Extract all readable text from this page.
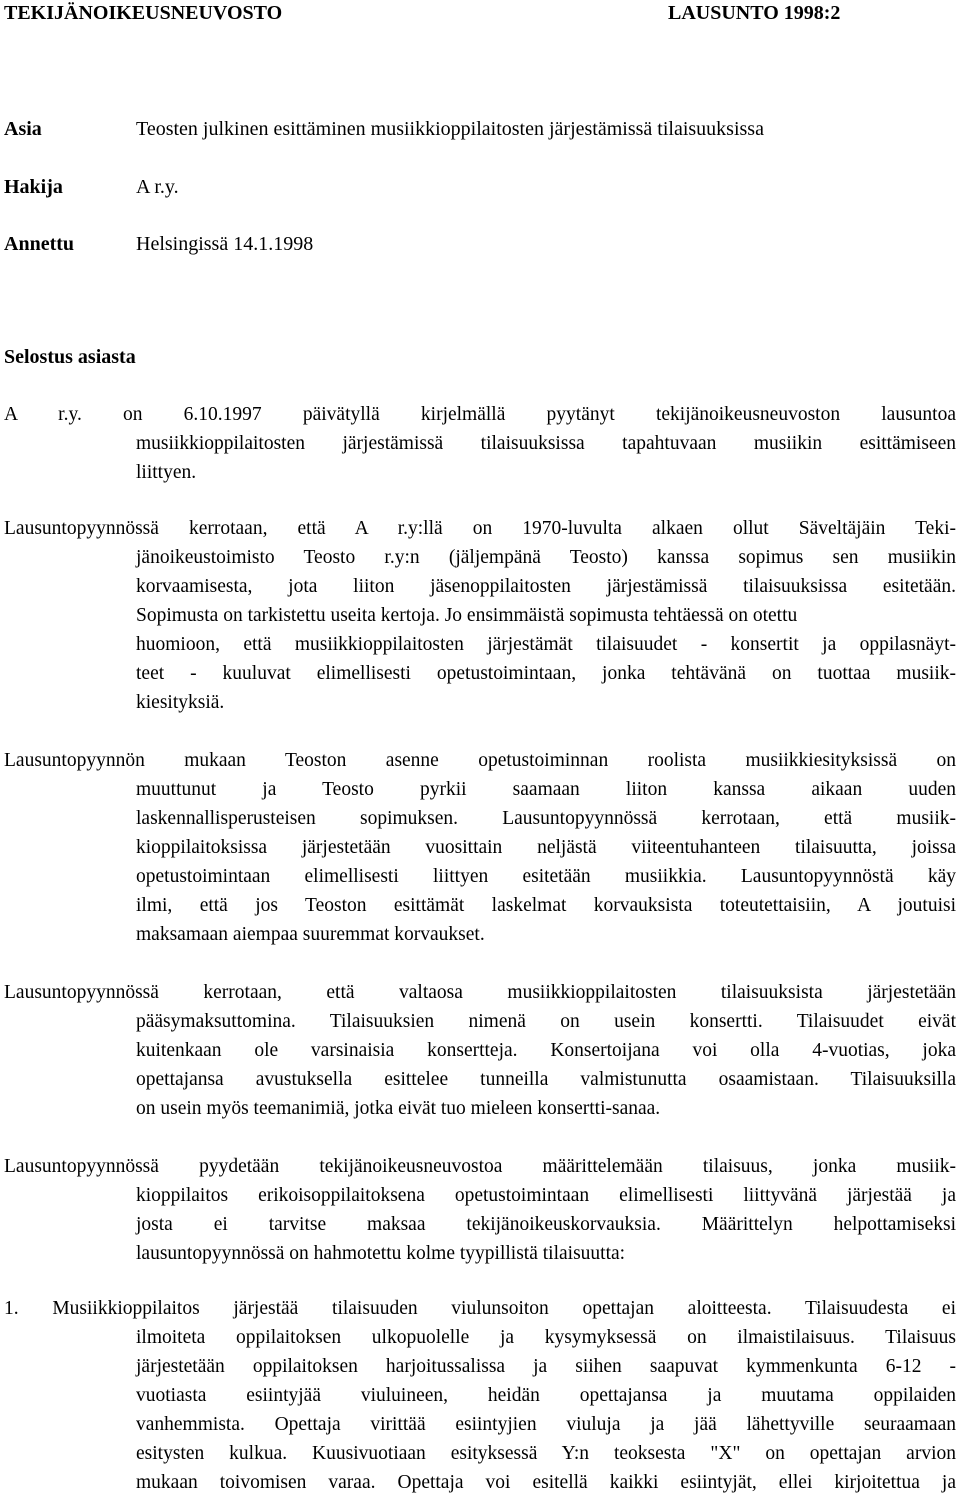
TEKIJÄNOIKEUSNEUVOSTO	LAUSUNTO 1998:2
Asia	Teosten julkinen esittäminen musiikkioppilaitosten järjestämissä tilaisuuksissa
Hakija	A r.y.
Annettu	Helsingissä 14.1.1998
Selostus asiasta
A r.y. on 6.10.1997 päivätyllä kirjelmällä pyytänyt tekijänoikeusneuvoston lausuntoa
musiikkioppilaitosten järjestämissä tilaisuuksissa tapahtuvaan musiikin esittämiseen
liittyen.
Lausuntopyynnössä kerrotaan, että A r.y:llä on 1970-luvulta alkaen ollut Säveltäjäin Teki-
jänoikeustoimisto Teosto r.y:n (jäljempänä Teosto) kanssa sopimus sen musiikin
korvaamisesta, jota liiton jäsenoppilaitosten järjestämissä tilaisuuksissa esitetään.
Sopimusta on tarkistettu useita kertoja. Jo ensimmäistä sopimusta tehtäessä on otettu
huomioon, että musiikkioppilaitosten järjestämät tilaisuudet - konsertit ja oppilasnäyt-
teet - kuuluvat elimellisesti opetustoimintaan, jonka tehtävänä on tuottaa musiik-
kiesityksiä.
Lausuntopyynnön mukaan Teoston asenne opetustoiminnan roolista musiikkiesityksissä on
muuttunut ja Teosto pyrkii saamaan liiton kanssa aikaan uuden
laskennallisperusteisen sopimuksen. Lausuntopyynnössä kerrotaan, että musiik-
kioppilaitoksissa järjestetään vuosittain neljästä viiteentuhanteen tilaisuutta, joissa
opetustoimintaan elimellisesti liittyen esitetään musiikkia. Lausuntopyynnöstä käy
ilmi, että jos Teoston esittämät laskelmat korvauksista toteutettaisiin, A joutuisi
maksamaan aiempaa suuremmat korvaukset.
Lausuntopyynnössä kerrotaan, että valtaosa musiikkioppilaitosten tilaisuuksista järjestetään
pääsymaksuttomina. Tilaisuuksien nimenä on usein konsertti. Tilaisuudet eivät
kuitenkaan ole varsinaisia konsertteja. Konsertoijana voi olla 4-vuotias, joka
opettajansa avustuksella esittelee tunneilla valmistunutta osaamistaan. Tilaisuuksilla
on usein myös teemanimiä, jotka eivät tuo mieleen konsertti-sanaa.
Lausuntopyynnössä pyydetään tekijänoikeusneuvostoa määrittelemään tilaisuus, jonka musiik-
kioppilaitos erikoisoppilaitoksena opetustoimintaan elimellisesti liittyvänä järjestää ja
josta ei tarvitse maksaa tekijänoikeuskorvauksia. Määrittelyn helpottamiseksi
lausuntopyynnössä on hahmotettu kolme tyypillistä tilaisuutta:
1. Musiikkioppilaitos järjestää tilaisuuden viulunsoiton opettajan aloitteesta. Tilaisuudesta ei
ilmoiteta oppilaitoksen ulkopuolelle ja kysymyksessä on ilmaistilaisuus. Tilaisuus
järjestetään oppilaitoksen harjoitussalissa ja siihen saapuvat kymmenkunta 6-12 -
vuotiasta esiintyjää viuluineen, heidän opettajansa ja muutama oppilaiden
vanhemmista. Opettaja virittää esiintyjien viuluja ja jää lähettyville seuraamaan
esitysten kulkua. Kuusivuotiaan esityksessä Y:n teoksesta "X" on opettajan arvion
mukaan toivomisen varaa. Opettaja voi esitellä kaikki esiintyjät, ellei kirjoitettua ja
